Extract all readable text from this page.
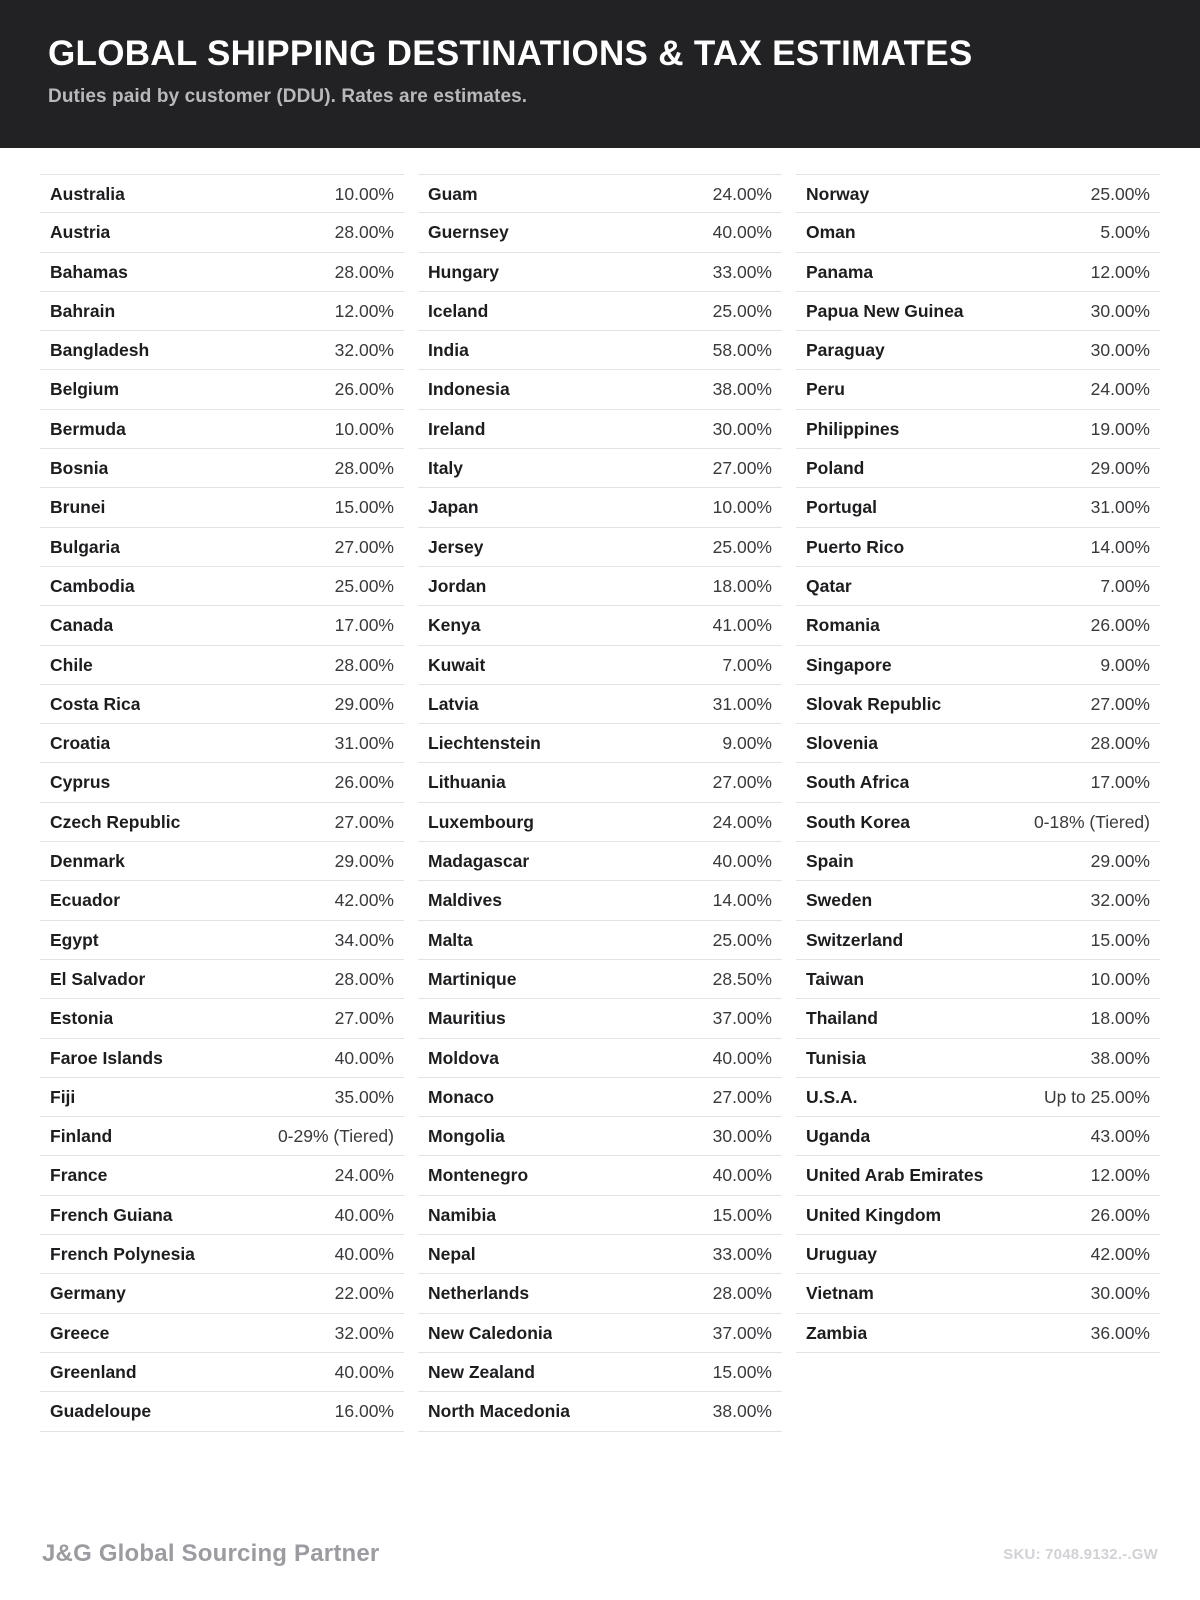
GLOBAL SHIPPING DESTINATIONS & TAX ESTIMATES
Duties paid by customer (DDU). Rates are estimates.
Australia	10.00%
Austria	28.00%
Bahamas	28.00%
Bahrain	12.00%
Bangladesh	32.00%
Belgium	26.00%
Bermuda	10.00%
Bosnia	28.00%
Brunei	15.00%
Bulgaria	27.00%
Cambodia	25.00%
Canada	17.00%
Chile	28.00%
Costa Rica	29.00%
Croatia	31.00%
Cyprus	26.00%
Czech Republic	27.00%
Denmark	29.00%
Ecuador	42.00%
Egypt	34.00%
El Salvador	28.00%
Estonia	27.00%
Faroe Islands	40.00%
Fiji	35.00%
Finland	0-29% (Tiered)
France	24.00%
French Guiana	40.00%
French Polynesia	40.00%
Germany	22.00%
Greece	32.00%
Greenland	40.00%
Guadeloupe	16.00%
Guam	24.00%
Guernsey	40.00%
Hungary	33.00%
Iceland	25.00%
India	58.00%
Indonesia	38.00%
Ireland	30.00%
Italy	27.00%
Japan	10.00%
Jersey	25.00%
Jordan	18.00%
Kenya	41.00%
Kuwait	7.00%
Latvia	31.00%
Liechtenstein	9.00%
Lithuania	27.00%
Luxembourg	24.00%
Madagascar	40.00%
Maldives	14.00%
Malta	25.00%
Martinique	28.50%
Mauritius	37.00%
Moldova	40.00%
Monaco	27.00%
Mongolia	30.00%
Montenegro	40.00%
Namibia	15.00%
Nepal	33.00%
Netherlands	28.00%
New Caledonia	37.00%
New Zealand	15.00%
North Macedonia	38.00%
Norway	25.00%
Oman	5.00%
Panama	12.00%
Papua New Guinea	30.00%
Paraguay	30.00%
Peru	24.00%
Philippines	19.00%
Poland	29.00%
Portugal	31.00%
Puerto Rico	14.00%
Qatar	7.00%
Romania	26.00%
Singapore	9.00%
Slovak Republic	27.00%
Slovenia	28.00%
South Africa	17.00%
South Korea	0-18% (Tiered)
Spain	29.00%
Sweden	32.00%
Switzerland	15.00%
Taiwan	10.00%
Thailand	18.00%
Tunisia	38.00%
U.S.A.	Up to 25.00%
Uganda	43.00%
United Arab Emirates	12.00%
United Kingdom	26.00%
Uruguay	42.00%
Vietnam	30.00%
Zambia	36.00%
J&G Global Sourcing Partner	SKU: 7048.9132.-.GW
